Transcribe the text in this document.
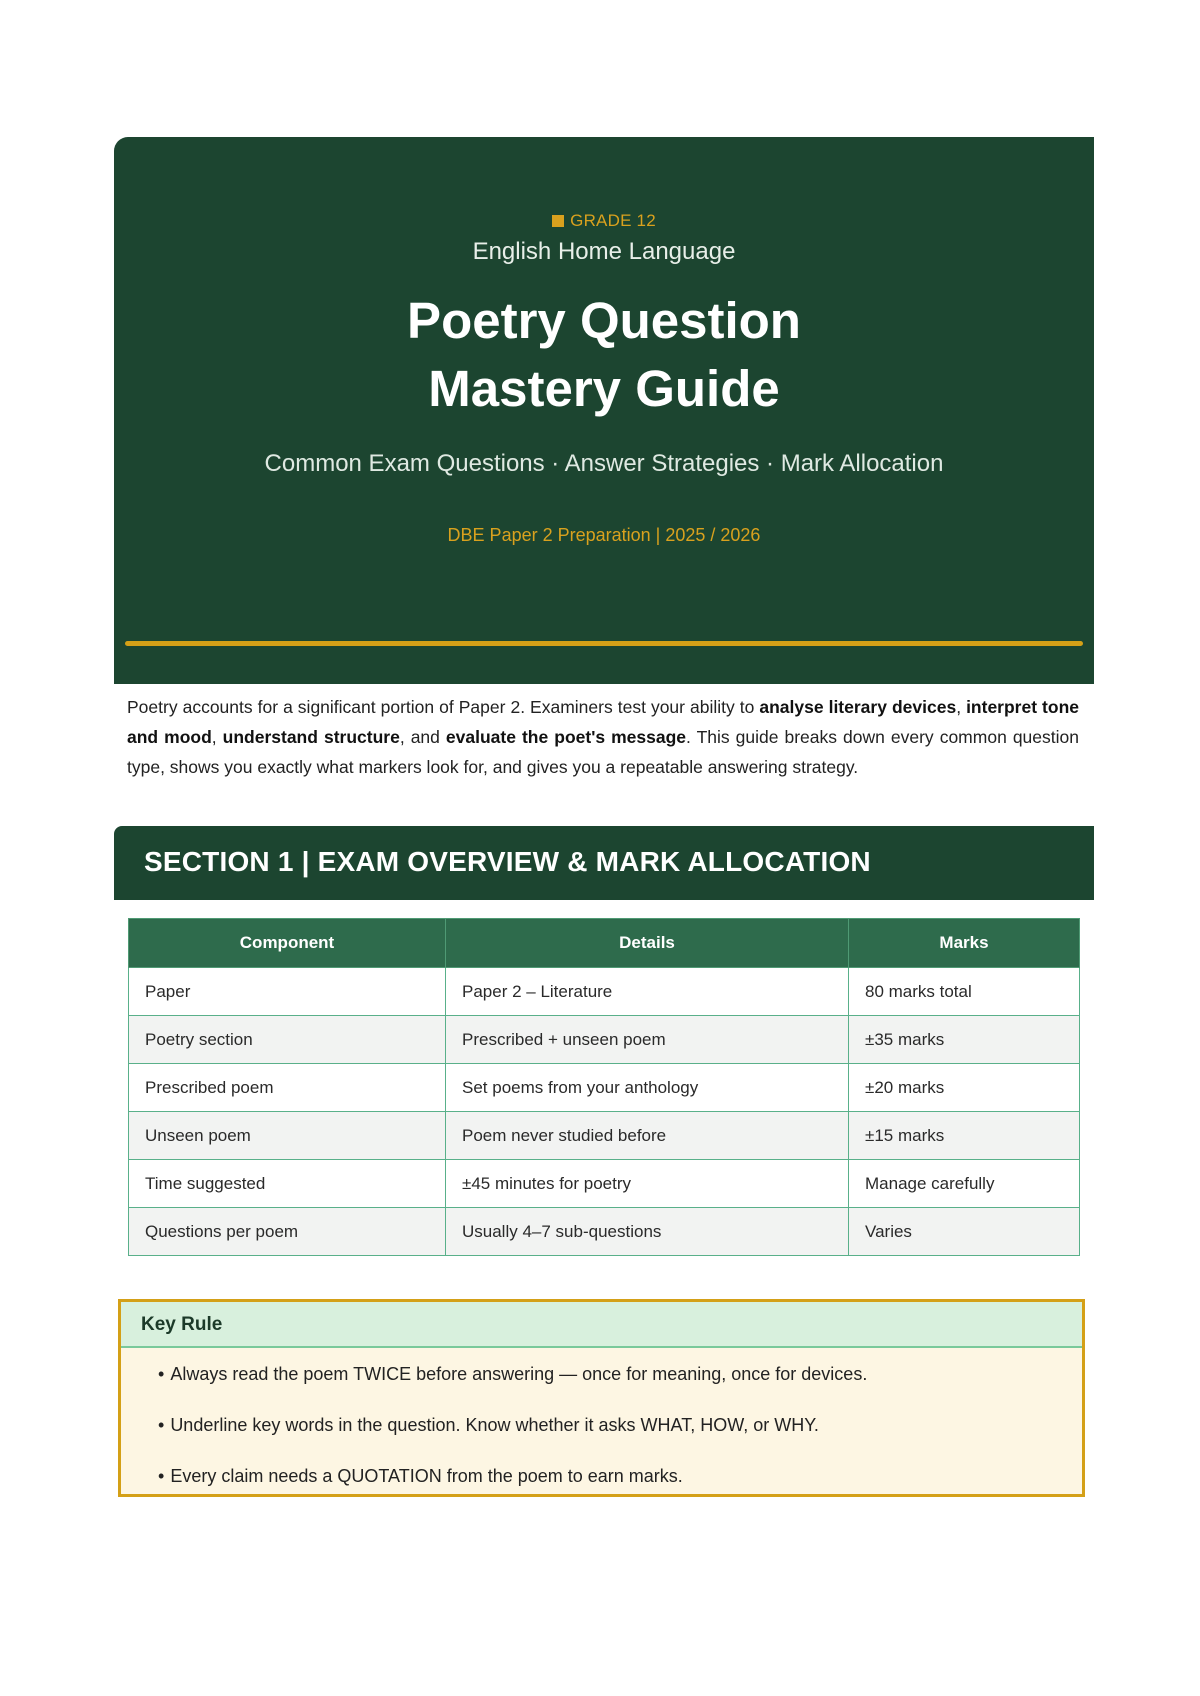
GRADE 12
English Home Language
Poetry Question
Mastery Guide
Common Exam Questions · Answer Strategies · Mark Allocation
DBE Paper 2 Preparation | 2025 / 2026

Poetry accounts for a significant portion of Paper 2. Examiners test your ability to analyse literary devices, interpret tone and mood, understand structure, and evaluate the poet's message. This guide breaks down every common question type, shows you exactly what markers look for, and gives you a repeatable answering strategy.

SECTION 1 | EXAM OVERVIEW & MARK ALLOCATION
Component	Details	Marks
Paper	Paper 2 – Literature	80 marks total
Poetry section	Prescribed + unseen poem	±35 marks
Prescribed poem	Set poems from your anthology	±20 marks
Unseen poem	Poem never studied before	±15 marks
Time suggested	±45 minutes for poetry	Manage carefully
Questions per poem	Usually 4–7 sub-questions	Varies
Key Rule
• Always read the poem TWICE before answering — once for meaning, once for devices.
• Underline key words in the question. Know whether it asks WHAT, HOW, or WHY.
• Every claim needs a QUOTATION from the poem to earn marks.
